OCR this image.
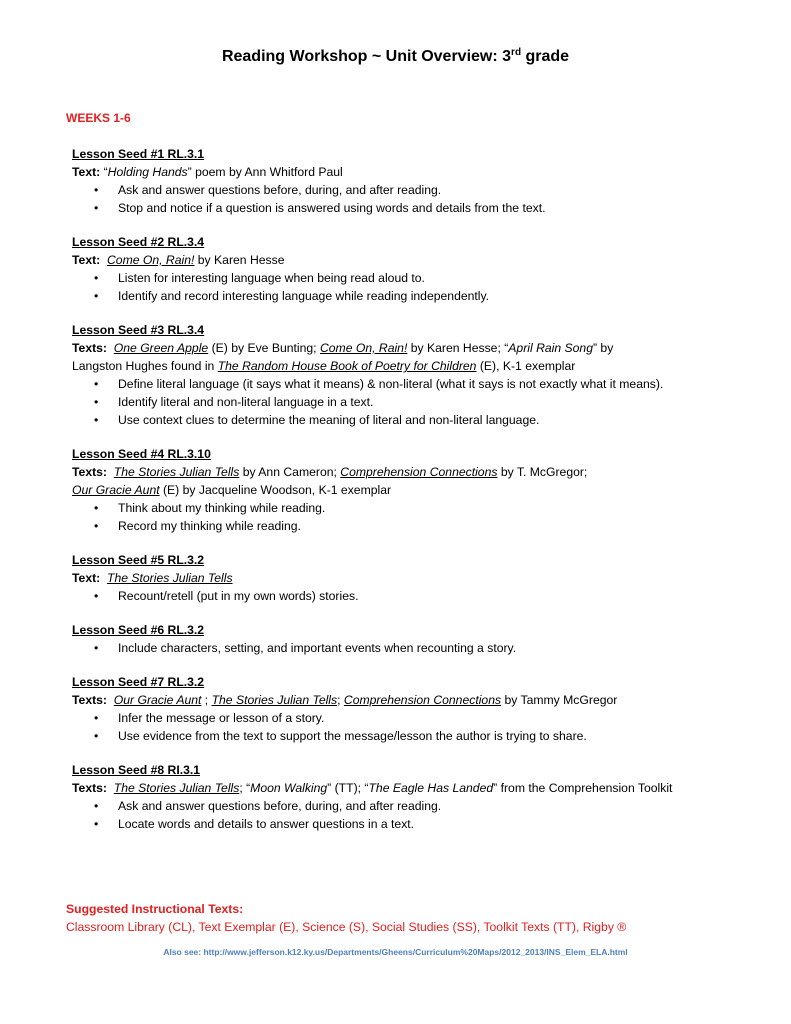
Reading Workshop ~ Unit Overview: 3rd grade
WEEKS 1-6
Lesson Seed #1 RL.3.1
Text: “Holding Hands” poem by Ann Whitford Paul
• Ask and answer questions before, during, and after reading.
• Stop and notice if a question is answered using words and details from the text.
Lesson Seed #2 RL.3.4
Text: Come On, Rain! by Karen Hesse
• Listen for interesting language when being read aloud to.
• Identify and record interesting language while reading independently.
Lesson Seed #3 RL.3.4
Texts: One Green Apple (E) by Eve Bunting; Come On, Rain! by Karen Hesse; “April Rain Song” by
Langston Hughes found in The Random House Book of Poetry for Children (E), K-1 exemplar
• Define literal language (it says what it means) & non-literal (what it says is not exactly what it means).
• Identify literal and non-literal language in a text.
• Use context clues to determine the meaning of literal and non-literal language.
Lesson Seed #4 RL.3.10
Texts: The Stories Julian Tells by Ann Cameron; Comprehension Connections by T. McGregor;
Our Gracie Aunt (E) by Jacqueline Woodson, K-1 exemplar
• Think about my thinking while reading.
• Record my thinking while reading.
Lesson Seed #5 RL.3.2
Text: The Stories Julian Tells
• Recount/retell (put in my own words) stories.
Lesson Seed #6 RL.3.2
• Include characters, setting, and important events when recounting a story.
Lesson Seed #7 RL.3.2
Texts: Our Gracie Aunt ; The Stories Julian Tells; Comprehension Connections by Tammy McGregor
• Infer the message or lesson of a story.
• Use evidence from the text to support the message/lesson the author is trying to share.
Lesson Seed #8 RI.3.1
Texts: The Stories Julian Tells; “Moon Walking” (TT); “The Eagle Has Landed” from the Comprehension Toolkit
• Ask and answer questions before, during, and after reading.
• Locate words and details to answer questions in a text.
Suggested Instructional Texts:
Classroom Library (CL), Text Exemplar (E), Science (S), Social Studies (SS), Toolkit Texts (TT), Rigby ®
Also see: http://www.jefferson.k12.ky.us/Departments/Gheens/Curriculum%20Maps/2012_2013/INS_Elem_ELA.html
